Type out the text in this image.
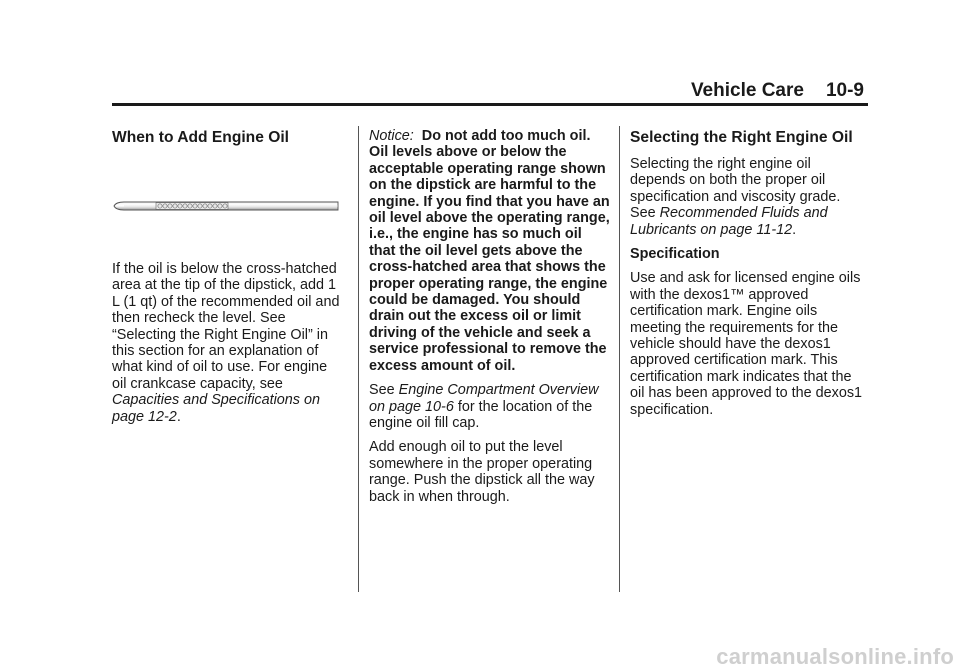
Vehicle Care 10-9
When to Add Engine Oil

If the oil is below the cross-hatched area at the tip of the dipstick, add 1 L (1 qt) of the recommended oil and then recheck the level. See “Selecting the Right Engine Oil” in this section for an explanation of what kind of oil to use. For engine oil crankcase capacity, see Capacities and Specifications on page 12-2.

Notice: Do not add too much oil. Oil levels above or below the acceptable operating range shown on the dipstick are harmful to the engine. If you find that you have an oil level above the operating range, i.e., the engine has so much oil that the oil level gets above the cross-hatched area that shows the proper operating range, the engine could be damaged. You should drain out the excess oil or limit driving of the vehicle and seek a service professional to remove the excess amount of oil.

See Engine Compartment Overview on page 10-6 for the location of the engine oil fill cap.

Add enough oil to put the level somewhere in the proper operating range. Push the dipstick all the way back in when through.

Selecting the Right Engine Oil

Selecting the right engine oil depends on both the proper oil specification and viscosity grade. See Recommended Fluids and Lubricants on page 11-12.

Specification

Use and ask for licensed engine oils with the dexos1™ approved certification mark. Engine oils meeting the requirements for the vehicle should have the dexos1 approved certification mark. This certification mark indicates that the oil has been approved to the dexos1 specification.

carmanualsonline.info
